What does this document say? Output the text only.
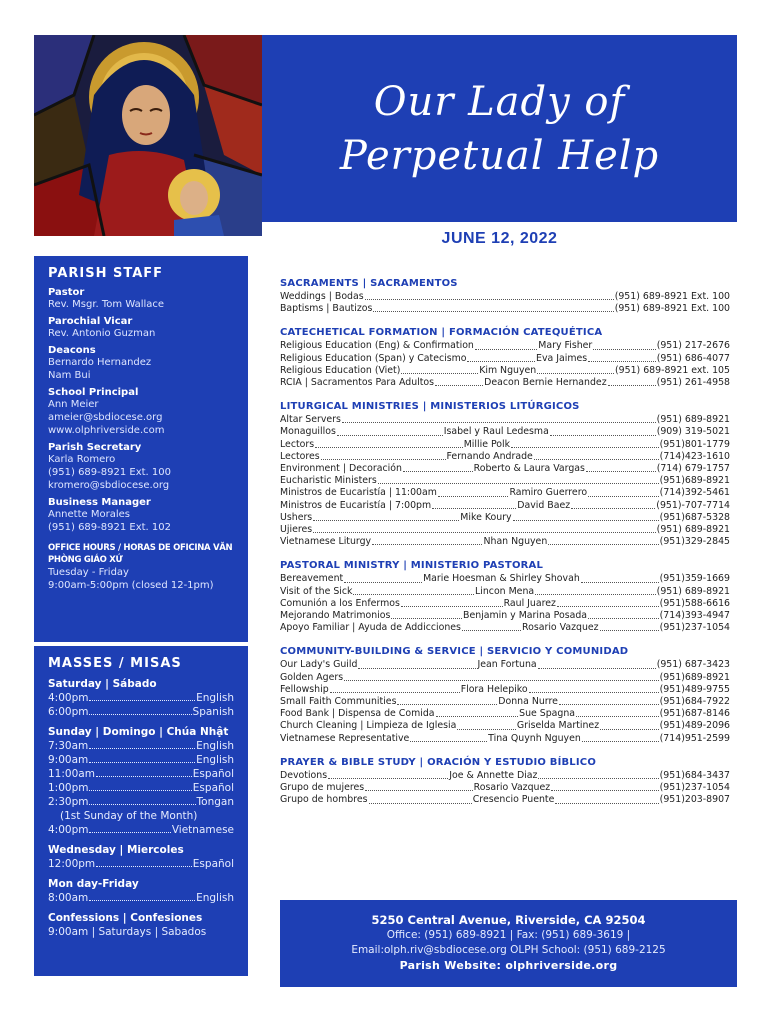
Our Lady of
Perpetual Help
JUNE 12, 2022
PARISH STAFF
Pastor
Rev. Msgr. Tom Wallace
Parochial Vicar
Rev. Antonio Guzman
Deacons
Bernardo Hernandez
Nam Bui
School Principal
Ann Meier
ameier@sbdiocese.org
www.olphriverside.com
Parish Secretary
Karla Romero
(951) 689-8921 Ext. 100
kromero@sbdiocese.org
Business Manager
Annette Morales
(951) 689-8921 Ext. 102
OFFICE HOURS / HORAS DE OFICINA VĂN PHÒNG GIÁO XỨ
Tuesday - Friday
9:00am-5:00pm (closed 12-1pm)
MASSES / MISAS
Saturday | Sábado
4:00pm	English
6:00pm	Spanish
Sunday | Domingo | Chúa Nhật
7:30am	English
9:00am	English
11:00am	Español
1:00pm	Español
2:30pm	Tongan
(1st Sunday of the Month)
4:00pm	Vietnamese
Wednesday | Miercoles
12:00pm	Español
Mon day-Friday
8:00am	English
Confessions | Confesiones
9:00am | Saturdays | Sabados
SACRAMENTS | SACRAMENTOS
Weddings | Bodas	(951) 689-8921 Ext. 100
Baptisms | Bautizos	(951) 689-8921 Ext. 100
CATECHETICAL FORMATION | FORMACIÓN CATEQUÉTICA
Religious Education (Eng) & Confirmation	Mary Fisher	(951) 217-2676
Religious Education (Span) y Catecismo	Eva Jaimes	(951) 686-4077
Religious Education (Viet)	Kim Nguyen	(951) 689-8921 ext. 105
RCIA | Sacramentos Para Adultos	Deacon Bernie Hernandez	(951) 261-4958
LITURGICAL MINISTRIES | MINISTERIOS LITÚRGICOS
Altar Servers	(951) 689-8921
Monaguillos	Isabel y Raul Ledesma	(909) 319-5021
Lectors	Millie Polk	(951)801-1779
Lectores	Fernando Andrade	(714)423-1610
Environment | Decoración	Roberto & Laura Vargas	(714) 679-1757
Eucharistic Ministers	(951)689-8921
Ministros de Eucaristía | 11:00am	Ramiro Guerrero	(714)392-5461
Ministros de Eucaristía | 7:00pm	David Baez	(951)-707-7714
Ushers	Mike Koury	(951)687-5328
Ujieres	(951) 689-8921
Vietnamese Liturgy	Nhan Nguyen	(951)329-2845
PASTORAL MINISTRY | MINISTERIO PASTORAL
Bereavement	Marie Hoesman & Shirley Shovah	(951)359-1669
Visit of the Sick	Lincon Mena	(951) 689-8921
Comunión a los Enfermos	Raul Juarez	(951)588-6616
Mejorando Matrimonios	Benjamin y Marina Posada	(714)393-4947
Apoyo Familiar | Ayuda de Addicciones	Rosario Vazquez	(951)237-1054
COMMUNITY-BUILDING & SERVICE | SERVICIO Y COMUNIDAD
Our Lady's Guild	Jean Fortuna	(951) 687-3423
Golden Agers	(951)689-8921
Fellowship	Flora Helepiko	(951)489-9755
Small Faith Communities	Donna Nurre	(951)684-7922
Food Bank | Dispensa de Comida	Sue Spagna	(951)687-8146
Church Cleaning | Limpieza de Iglesia	Griselda Martinez	(951)489-2096
Vietnamese Representative	Tina Quynh Nguyen	(714)951-2599
PRAYER & BIBLE STUDY | ORACIÓN Y ESTUDIO BÍBLICO
Devotions	Joe & Annette Diaz	(951)684-3437
Grupo de mujeres	Rosario Vazquez	(951)237-1054
Grupo de hombres	Cresencio Puente	(951)203-8907
5250 Central Avenue, Riverside, CA 92504
Office: (951) 689-8921 | Fax: (951) 689-3619 |
Email:olph.riv@sbdiocese.org OLPH School: (951) 689-2125
Parish Website: olphriverside.org
